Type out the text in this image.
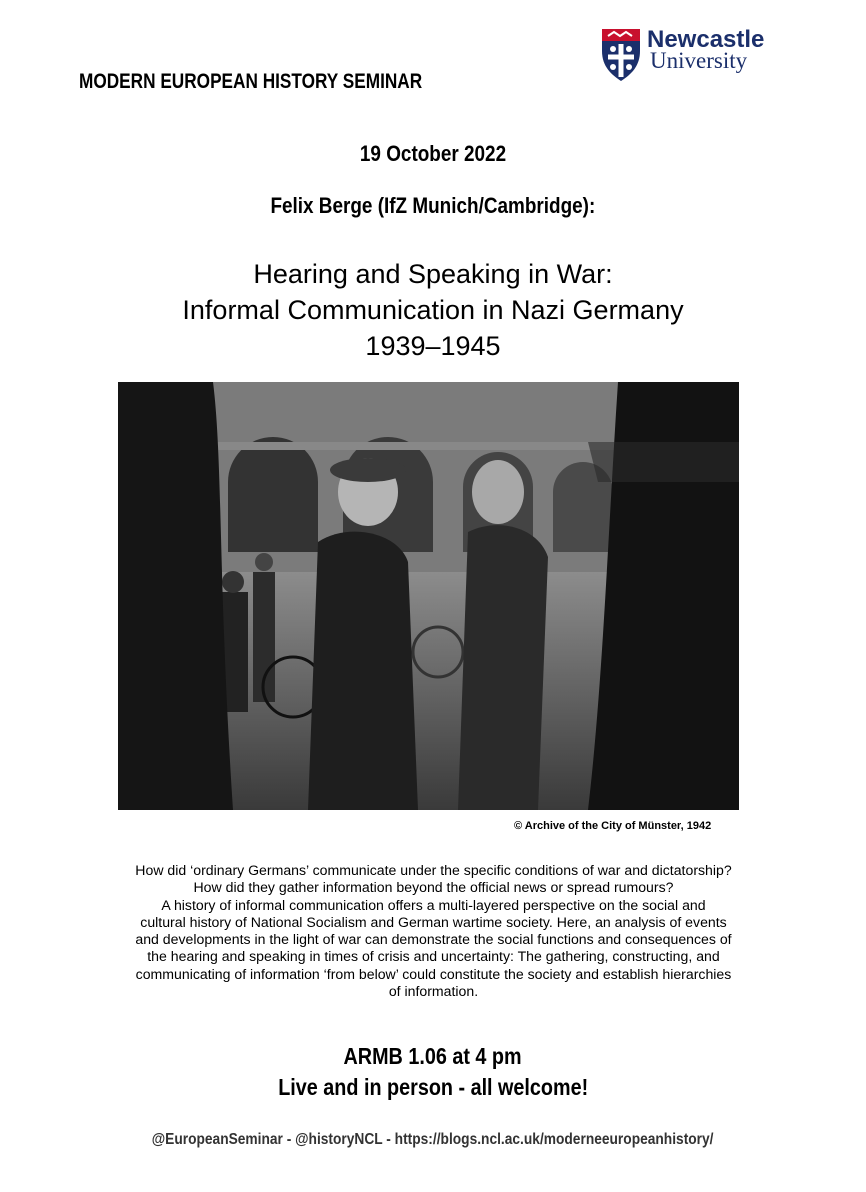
MODERN EUROPEAN HISTORY SEMINAR
Newcastle
University
19 October 2022
Felix Berge (IfZ Munich/Cambridge):
Hearing and Speaking in War:
Informal Communication in Nazi Germany
1939–1945
© Archive of the City of Münster, 1942
How did ‘ordinary Germans’ communicate under the specific conditions of war and dictatorship?
How did they gather information beyond the official news or spread rumours?
A history of informal communication offers a multi-layered perspective on the social and
cultural history of National Socialism and German wartime society. Here, an analysis of events
and developments in the light of war can demonstrate the social functions and consequences of
the hearing and speaking in times of crisis and uncertainty: The gathering, constructing, and
communicating of information ‘from below’ could constitute the society and establish hierarchies
of information.
ARMB 1.06 at 4 pm
Live and in person - all welcome!
@EuropeanSeminar - @historyNCL - https://blogs.ncl.ac.uk/moderneeuropeanhistory/
